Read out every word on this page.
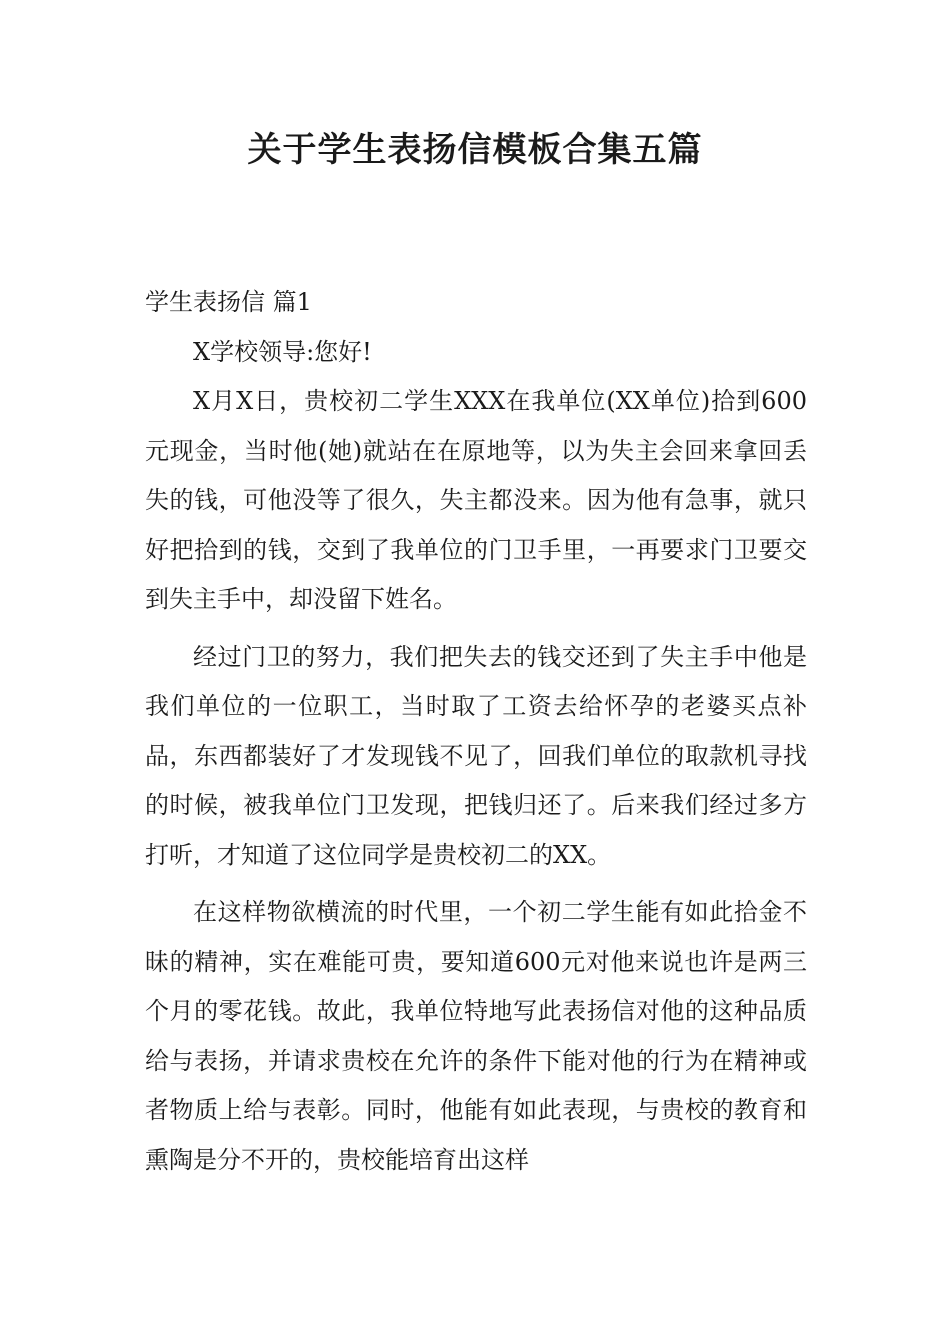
关于学生表扬信模板合集五篇

学生表扬信 篇1

X学校领导:您好!

X月X日，贵校初二学生XXX在我单位(XX单位)拾到600元现金，当时他(她)就站在在原地等，以为失主会回来拿回丢失的钱，可他没等了很久，失主都没来。因为他有急事，就只好把拾到的钱，交到了我单位的门卫手里，一再要求门卫要交到失主手中，却没留下姓名。

经过门卫的努力，我们把失去的钱交还到了失主手中他是我们单位的一位职工，当时取了工资去给怀孕的老婆买点补品，东西都装好了才发现钱不见了，回我们单位的取款机寻找的时候，被我单位门卫发现，把钱归还了。后来我们经过多方打听，才知道了这位同学是贵校初二的XX。

在这样物欲横流的时代里，一个初二学生能有如此拾金不昧的精神，实在难能可贵，要知道600元对他来说也许是两三个月的零花钱。故此，我单位特地写此表扬信对他的这种品质给与表扬，并请求贵校在允许的条件下能对他的行为在精神或者物质上给与表彰。同时，他能有如此表现，与贵校的教育和熏陶是分不开的，贵校能培育出这样
